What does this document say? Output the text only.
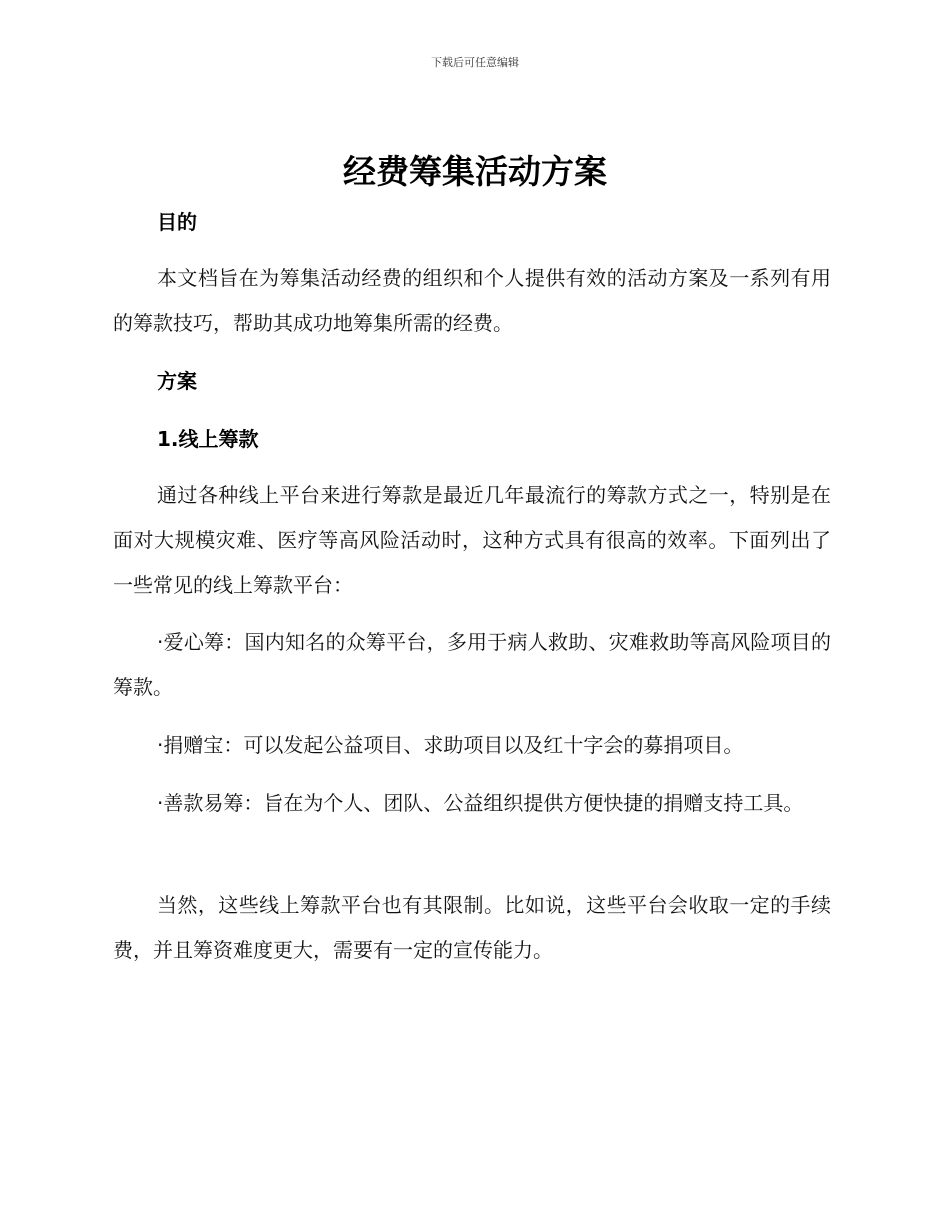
下载后可任意编辑
经费筹集活动方案
目的

本文档旨在为筹集活动经费的组织和个人提供有效的活动方案及一系列有用的筹款技巧，帮助其成功地筹集所需的经费。

方案
1.线上筹款

通过各种线上平台来进行筹款是最近几年最流行的筹款方式之一，特别是在面对大规模灾难、医疗等高风险活动时，这种方式具有很高的效率。下面列出了一些常见的线上筹款平台：

·爱心筹：国内知名的众筹平台，多用于病人救助、灾难救助等高风险项目的筹款。

·捐赠宝：可以发起公益项目、求助项目以及红十字会的募捐项目。

·善款易筹：旨在为个人、团队、公益组织提供方便快捷的捐赠支持工具。

当然，这些线上筹款平台也有其限制。比如说，这些平台会收取一定的手续费，并且筹资难度更大，需要有一定的宣传能力。
